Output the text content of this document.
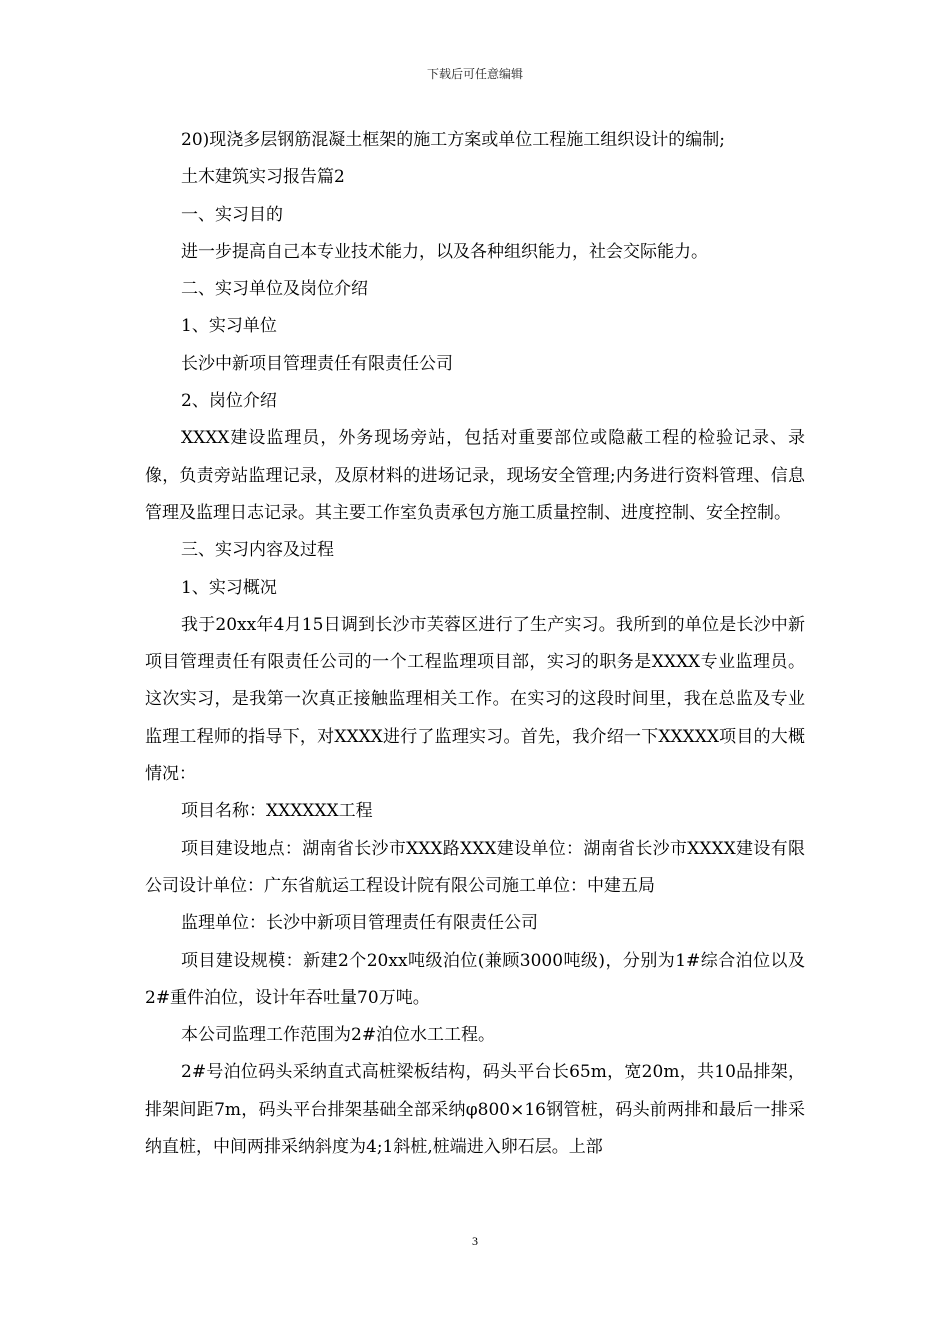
下载后可任意编辑

20)现浇多层钢筋混凝土框架的施工方案或单位工程施工组织设计的编制;

土木建筑实习报告篇2

一、实习目的

进一步提高自己本专业技术能力，以及各种组织能力，社会交际能力。

二、实习单位及岗位介绍

1、实习单位

长沙中新项目管理责任有限责任公司

2、岗位介绍

XXXX建设监理员，外务现场旁站，包括对重要部位或隐蔽工程的检验记录、录像，负责旁站监理记录，及原材料的进场记录，现场安全管理;内务进行资料管理、信息管理及监理日志记录。其主要工作室负责承包方施工质量控制、进度控制、安全控制。

三、实习内容及过程

1、实习概况

我于20xx年4月15日调到长沙市芙蓉区进行了生产实习。我所到的单位是长沙中新项目管理责任有限责任公司的一个工程监理项目部，实习的职务是XXXX专业监理员。这次实习，是我第一次真正接触监理相关工作。在实习的这段时间里，我在总监及专业监理工程师的指导下，对XXXX进行了监理实习。首先，我介绍一下XXXXX项目的大概情况：

项目名称：XXXXXX工程

项目建设地点：湖南省长沙市XXX路XXX建设单位：湖南省长沙市XXXX建设有限公司设计单位：广东省航运工程设计院有限公司施工单位：中建五局

监理单位：长沙中新项目管理责任有限责任公司

项目建设规模：新建2个20xx吨级泊位(兼顾3000吨级)，分别为1#综合泊位以及2#重件泊位，设计年吞吐量70万吨。

本公司监理工作范围为2#泊位水工工程。

2#号泊位码头采纳直式高桩梁板结构，码头平台长65m，宽20m，共10品排架，排架间距7m，码头平台排架基础全部采纳φ800×16钢管桩，码头前两排和最后一排采纳直桩，中间两排采纳斜度为4;1斜桩,桩端进入卵石层。上部

3
